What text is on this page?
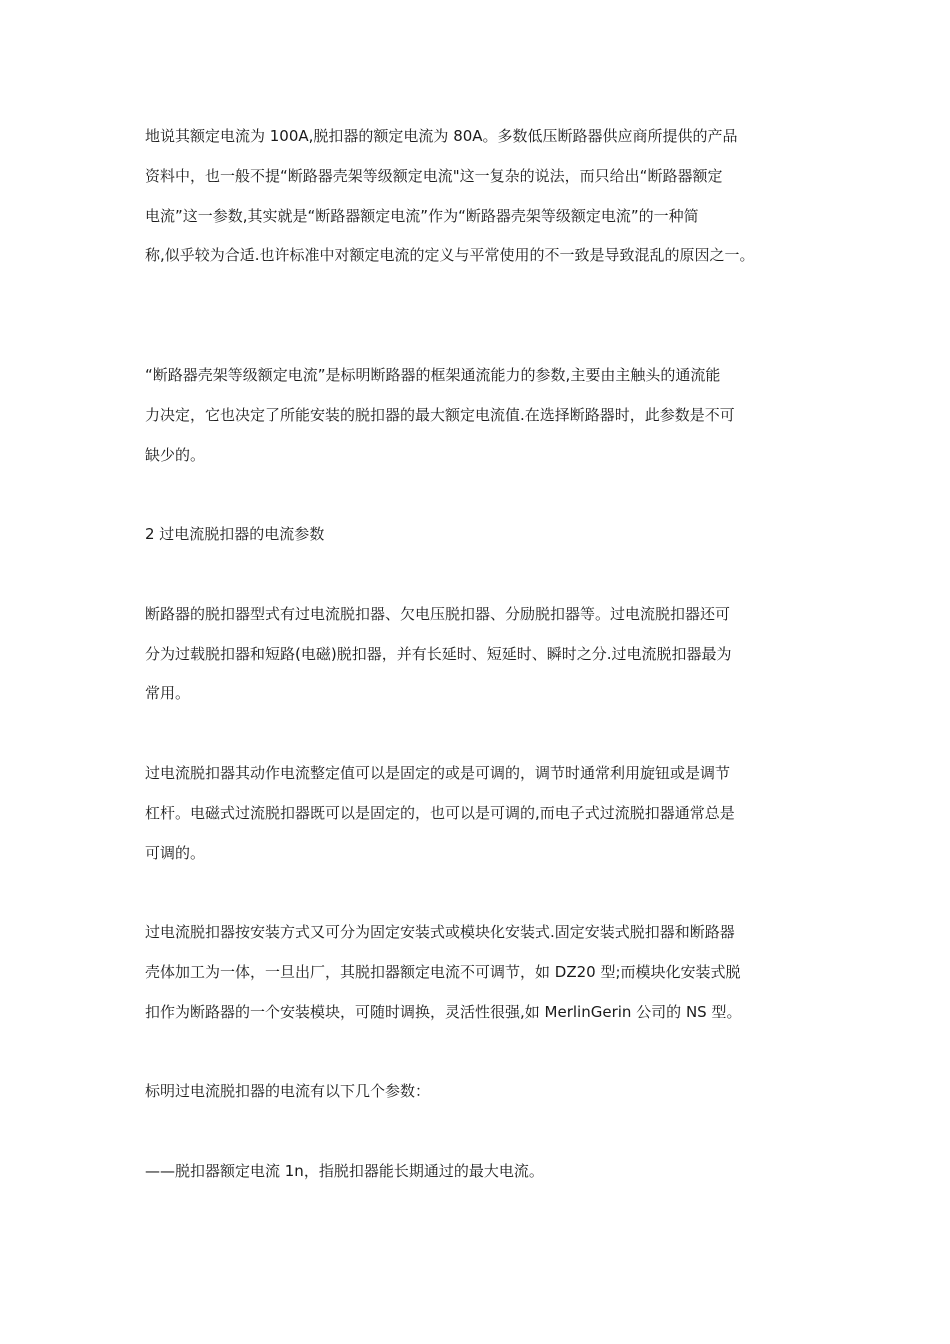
地说其额定电流为 100A,脱扣器的额定电流为 80A。多数低压断路器供应商所提供的产品
资料中，也一般不提“断路器壳架等级额定电流"这一复杂的说法，而只给出“断路器额定
电流”这一参数,其实就是“断路器额定电流”作为“断路器壳架等级额定电流”的一种简
称,似乎较为合适.也许标准中对额定电流的定义与平常使用的不一致是导致混乱的原因之一。
“断路器壳架等级额定电流”是标明断路器的框架通流能力的参数,主要由主触头的通流能
力决定，它也决定了所能安装的脱扣器的最大额定电流值.在选择断路器时，此参数是不可
缺少的。
2 过电流脱扣器的电流参数
断路器的脱扣器型式有过电流脱扣器、欠电压脱扣器、分励脱扣器等。过电流脱扣器还可
分为过载脱扣器和短路(电磁)脱扣器，并有长延时、短延时、瞬时之分.过电流脱扣器最为
常用。
过电流脱扣器其动作电流整定值可以是固定的或是可调的，调节时通常利用旋钮或是调节
杠杆。电磁式过流脱扣器既可以是固定的，也可以是可调的,而电子式过流脱扣器通常总是
可调的。
过电流脱扣器按安装方式又可分为固定安装式或模块化安装式.固定安装式脱扣器和断路器
壳体加工为一体，一旦出厂，其脱扣器额定电流不可调节，如 DZ20 型;而模块化安装式脱
扣作为断路器的一个安装模块，可随时调换，灵活性很强,如 MerlinGerin 公司的 NS 型。
标明过电流脱扣器的电流有以下几个参数：
——脱扣器额定电流 1n，指脱扣器能长期通过的最大电流。
